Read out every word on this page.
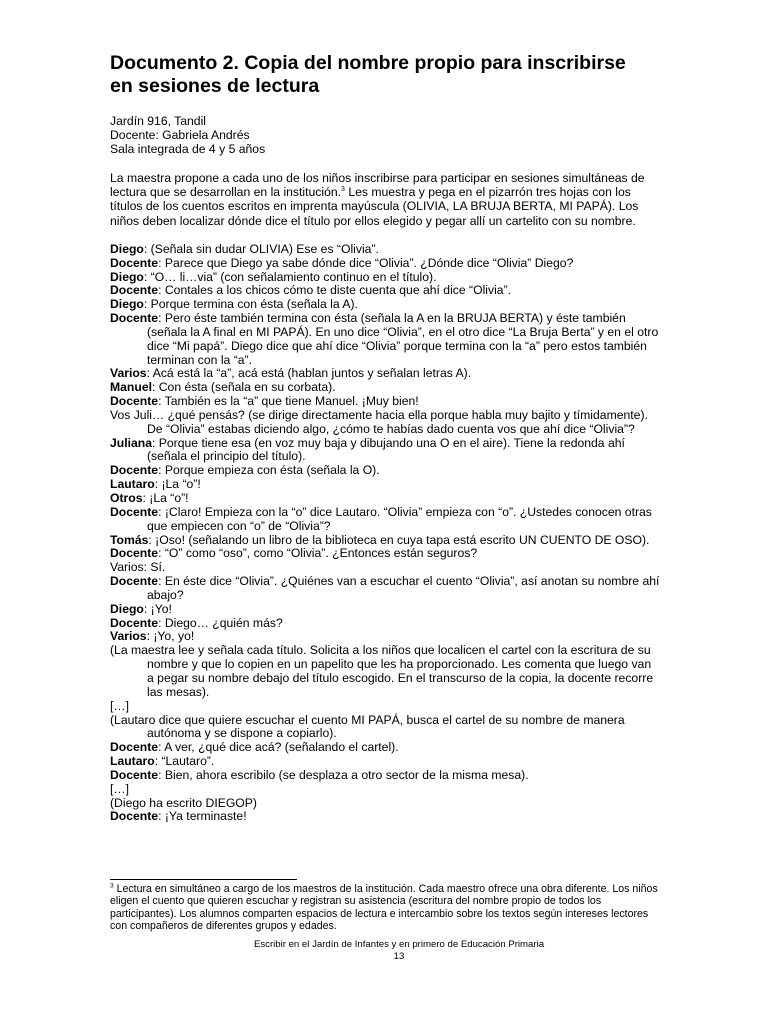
Documento 2. Copia del nombre propio para inscribirse
en sesiones de lectura
Jardín 916, Tandil
Docente: Gabriela Andrés
Sala integrada de 4 y 5 años
La maestra propone a cada uno de los niños inscribirse para participar en sesiones simultáneas de lectura que se desarrollan en la institución.$^3$ Les muestra y pega en el pizarrón tres hojas con los títulos de los cuentos escritos en imprenta mayúscula (OLIVIA, LA BRUJA BERTA, MI PAPÁ). Los niños deben localizar dónde dice el título por ellos elegido y pegar allí un cartelito con su nombre.
Diego: (Señala sin dudar OLIVIA) Ese es “Olivia”.
Docente: Parece que Diego ya sabe dónde dice “Olivia”. ¿Dónde dice “Olivia” Diego?
Diego: “O… li…via” (con señalamiento continuo en el título).
Docente: Contales a los chicos cómo te diste cuenta que ahí dice “Olivia”.
Diego: Porque termina con ésta (señala la A).
Docente: Pero éste también termina con ésta (señala la A en la BRUJA BERTA) y éste también (señala la A final en MI PAPÁ). En uno dice “Olivia”, en el otro dice “La Bruja Berta” y en el otro dice “Mi papá”. Diego dice que ahí dice “Olivia” porque termina con la “a” pero estos también terminan con la “a”.
Varios: Acá está la “a”, acá está (hablan juntos y señalan letras A).
Manuel: Con ésta (señala en su corbata).
Docente: También es la “a” que tiene Manuel. ¡Muy bien!
Vos Juli… ¿qué pensás? (se dirige directamente hacia ella porque habla muy bajito y tímidamente). De “Olivia” estabas diciendo algo, ¿cómo te habías dado cuenta vos que ahí dice “Olivia”?
Juliana: Porque tiene esa (en voz muy baja y dibujando una O en el aire). Tiene la redonda ahí (señala el principio del título).
Docente: Porque empieza con ésta (señala la O).
Lautaro: ¡La “o”!
Otros: ¡La “o”!
Docente: ¡Claro! Empieza con la “o” dice Lautaro. “Olivia” empieza con “o”. ¿Ustedes conocen otras que empiecen con “o” de “Olivia”?
Tomás: ¡Oso! (señalando un libro de la biblioteca en cuya tapa está escrito UN CUENTO DE OSO).
Docente: “O” como “oso”, como “Olivia”. ¿Entonces están seguros?
Varios: Sí.
Docente: En éste dice “Olivia”. ¿Quiénes van a escuchar el cuento “Olivia”, así anotan su nombre ahí abajo?
Diego: ¡Yo!
Docente: Diego… ¿quién más?
Varios: ¡Yo, yo!
(La maestra lee y señala cada título. Solicita a los niños que localicen el cartel con la escritura de su nombre y que lo copien en un papelito que les ha proporcionado. Les comenta que luego van a pegar su nombre debajo del título escogido. En el transcurso de la copia, la docente recorre las mesas).
[…]
(Lautaro dice que quiere escuchar el cuento MI PAPÁ, busca el cartel de su nombre de manera autónoma y se dispone a copiarlo).
Docente: A ver, ¿qué dice acá? (señalando el cartel).
Lautaro: “Lautaro”.
Docente: Bien, ahora escribilo (se desplaza a otro sector de la misma mesa).
[…]
(Diego ha escrito DIEGOP)
Docente: ¡Ya terminaste!
$^3$ Lectura en simultáneo a cargo de los maestros de la institución. Cada maestro ofrece una obra diferente. Los niños eligen el cuento que quieren escuchar y registran su asistencia (escritura del nombre propio de todos los participantes). Los alumnos comparten espacios de lectura e intercambio sobre los textos según intereses lectores con compañeros de diferentes grupos y edades.
Escribir en el Jardín de Infantes y en primero de Educación Primaria
13
